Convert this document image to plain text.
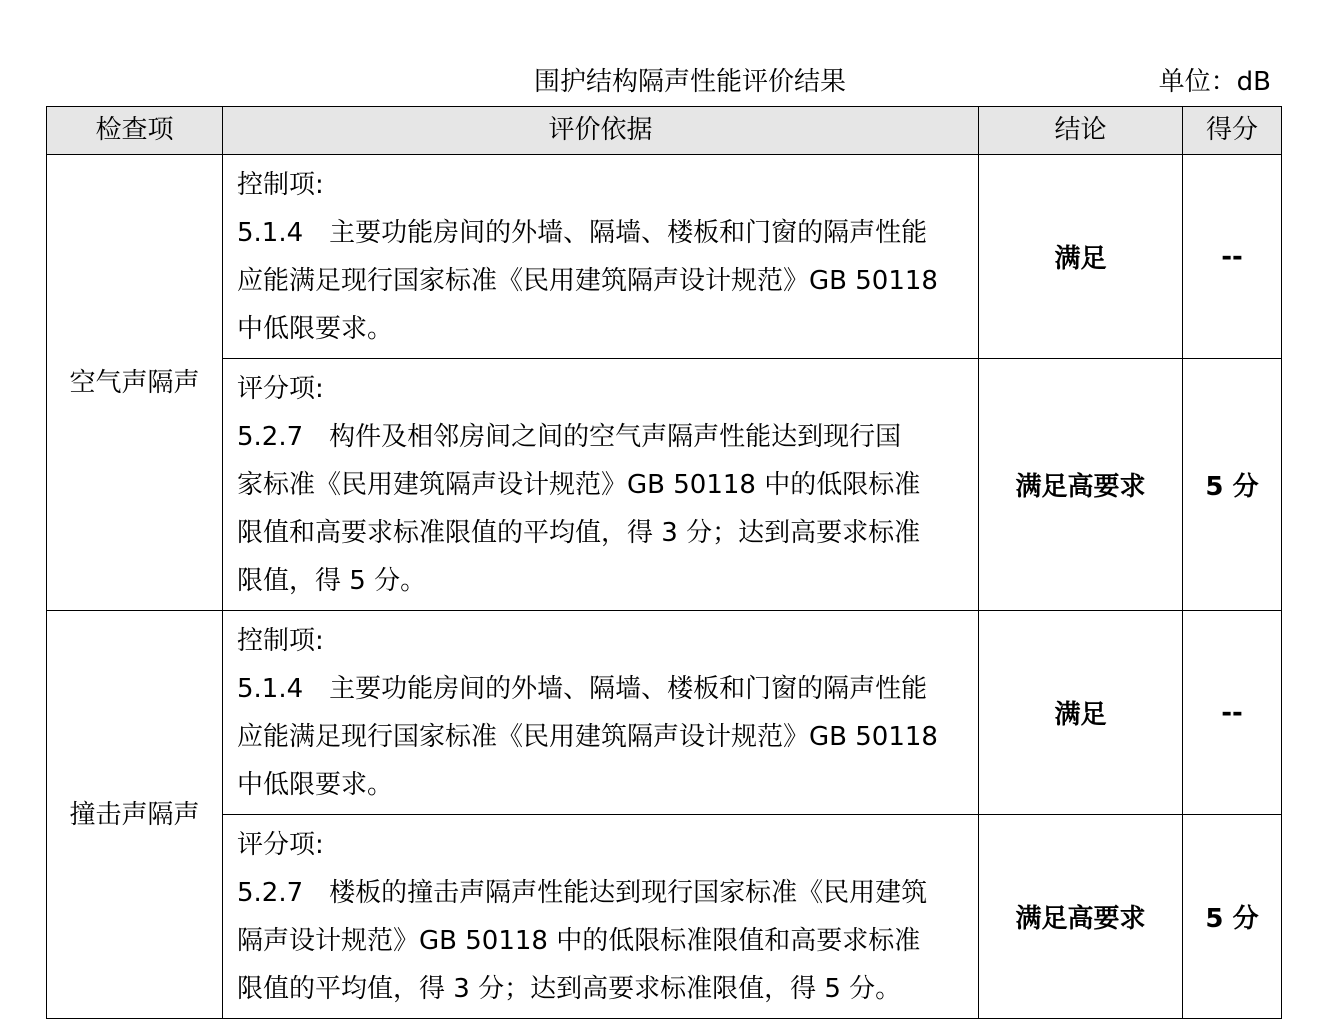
围护结构隔声性能评价结果	单位：dB
检查项	评价依据	结论	得分
空气声隔声	控制项:
5.1.4　主要功能房间的外墙、隔墙、楼板和门窗的隔声性能
应能满足现行国家标准《民用建筑隔声设计规范》GB 50118
中低限要求。	满足	--

	评分项:
5.2.7　构件及相邻房间之间的空气声隔声性能达到现行国
家标准《民用建筑隔声设计规范》GB 50118 中的低限标准
限值和高要求标准限值的平均值，得 3 分；达到高要求标准
限值，得 5 分。	满足高要求	5 分
撞击声隔声	控制项:
5.1.4　主要功能房间的外墙、隔墙、楼板和门窗的隔声性能
应能满足现行国家标准《民用建筑隔声设计规范》GB 50118
中低限要求。	满足	--

	评分项:
5.2.7　楼板的撞击声隔声性能达到现行国家标准《民用建筑
隔声设计规范》GB 50118 中的低限标准限值和高要求标准
限值的平均值，得 3 分；达到高要求标准限值，得 5 分。	满足高要求	5 分
